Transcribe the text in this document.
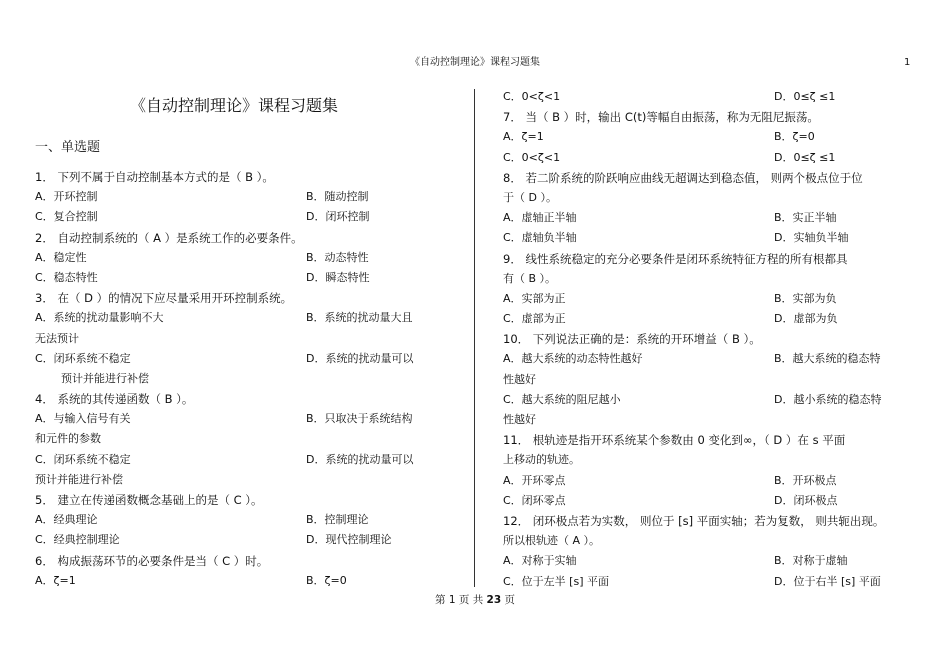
《自动控制理论》课程习题集	1
《自动控制理论》课程习题集
一、单选题
1． 下列不属于自动控制基本方式的是（ B ）。
A．开环控制	B．随动控制
C．复合控制	D．闭环控制
2． 自动控制系统的（ A ）是系统工作的必要条件。
A．稳定性	B．动态特性
C．稳态特性	D．瞬态特性
3． 在（ D ）的情况下应尽量采用开环控制系统。
A．系统的扰动量影响不大	B．系统的扰动量大且
无法预计
C．闭环系统不稳定	D．系统的扰动量可以
预计并能进行补偿
4． 系统的其传递函数（ B ）。
A．与输入信号有关	B．只取决于系统结构
和元件的参数
C．闭环系统不稳定	D．系统的扰动量可以
预计并能进行补偿
5． 建立在传递函数概念基础上的是（ C ）。
A．经典理论	B．控制理论
C．经典控制理论	D．现代控制理论
6． 构成振荡环节的必要条件是当（ C ）时。
A．ζ=1	B．ζ=0
C．0<ζ<1	D．0≤ζ ≤1
7． 当（ B ）时，输出 C(t)等幅自由振荡，称为无阻尼振荡。
A．ζ=1	B．ζ=0
C．0<ζ<1	D．0≤ζ ≤1
8． 若二阶系统的阶跃响应曲线无超调达到稳态值， 则两个极点位于位
于（ D ）。
A．虚轴正半轴	B．实正半轴
C．虚轴负半轴	D．实轴负半轴
9． 线性系统稳定的充分必要条件是闭环系统特征方程的所有根都具
有（ B ）。
A．实部为正	B．实部为负
C．虚部为正	D．虚部为负
10． 下列说法正确的是：系统的开环增益（ B ）。
A．越大系统的动态特性越好	B．越大系统的稳态特
性越好
C．越大系统的阻尼越小	D．越小系统的稳态特
性越好
11． 根轨迹是指开环系统某个参数由 0 变化到∞，（ D ）在 s 平面
上移动的轨迹。
A．开环零点	B．开环极点
C．闭环零点	D．闭环极点
12． 闭环极点若为实数， 则位于 [s] 平面实轴；若为复数， 则共轭出现。
所以根轨迹（ A ）。
A．对称于实轴	B．对称于虚轴
C．位于左半 [s] 平面	D．位于右半 [s] 平面
第 1 页 共 23 页
